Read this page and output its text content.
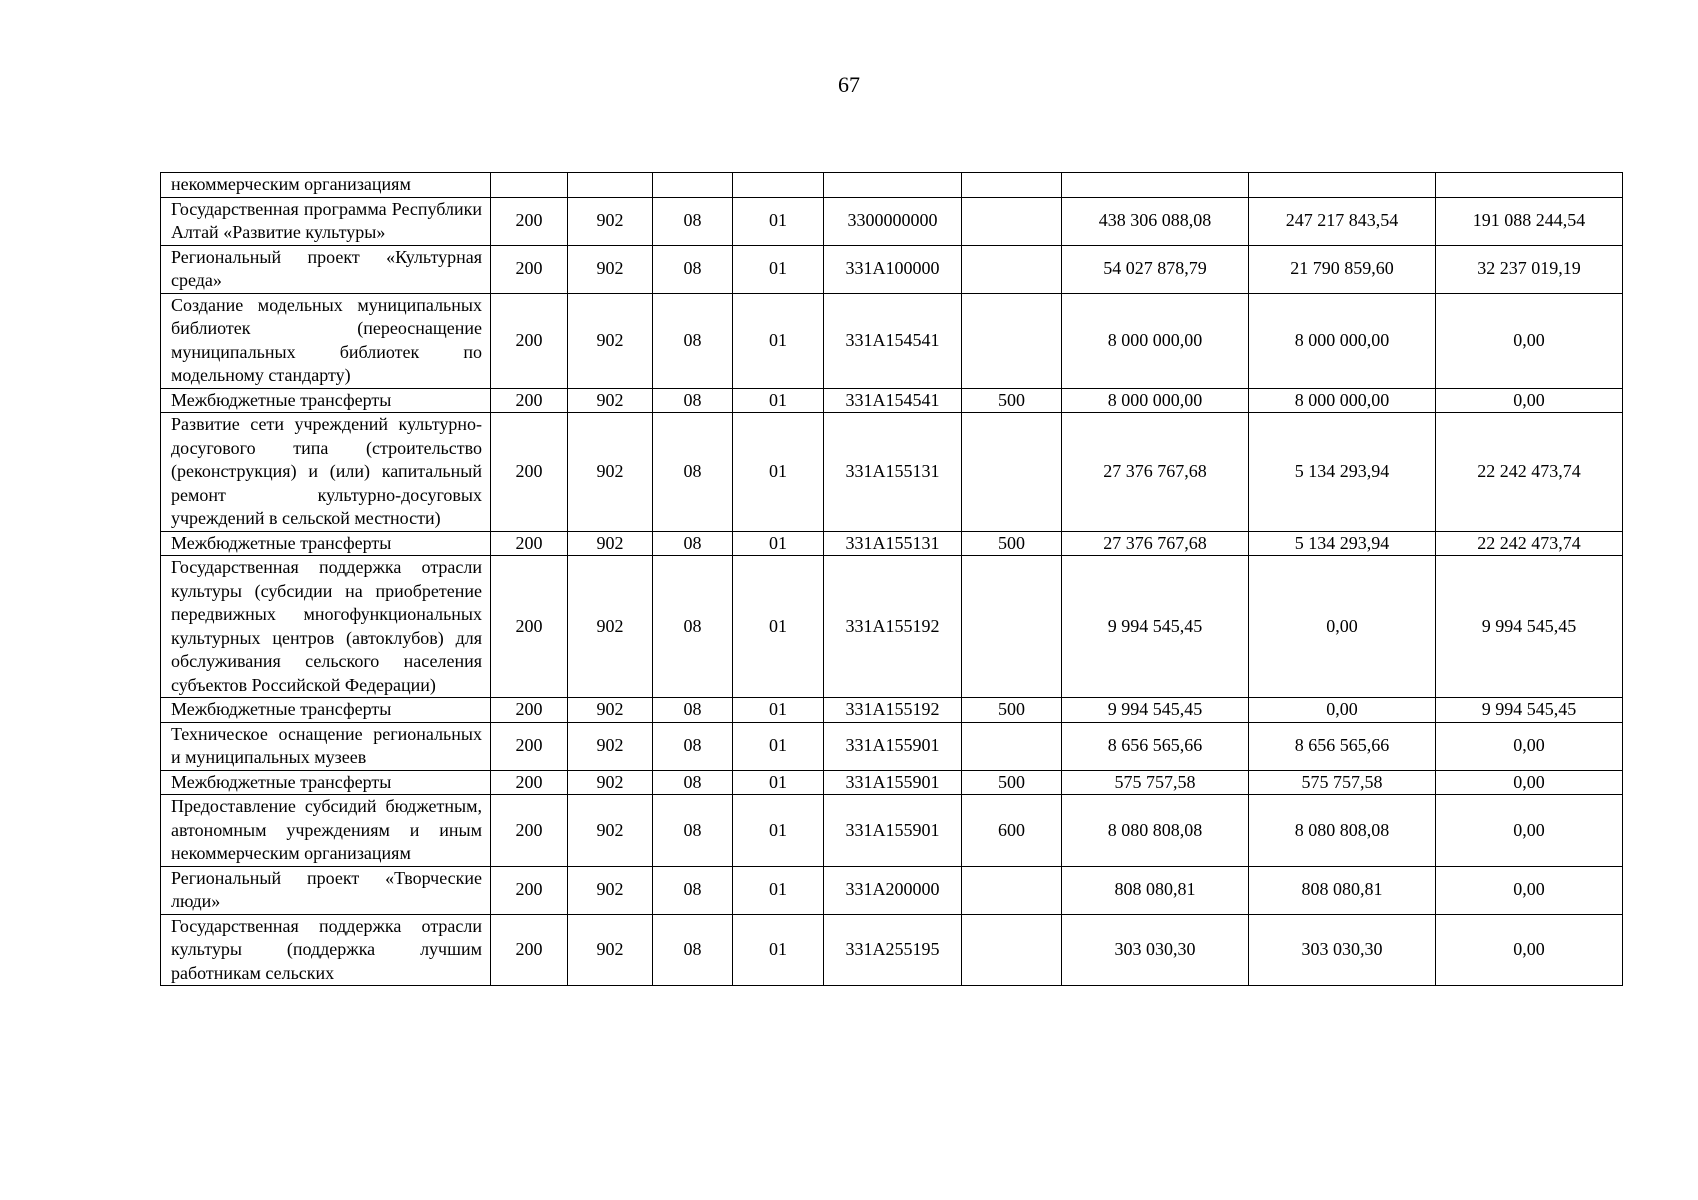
67
некоммерческим организациям									
Государственная программа Республики Алтай «Развитие культуры»	200	902	08	01	3300000000		438 306 088,08	247 217 843,54	191 088 244,54
Региональный проект «Культурная среда»	200	902	08	01	331A100000		54 027 878,79	21 790 859,60	32 237 019,19
Создание модельных муниципальных библиотек (переоснащение муниципальных библиотек по модельному стандарту)	200	902	08	01	331A154541		8 000 000,00	8 000 000,00	0,00
Межбюджетные трансферты	200	902	08	01	331A154541	500	8 000 000,00	8 000 000,00	0,00
Развитие сети учреждений культурно-досугового типа (строительство (реконструкция) и (или) капитальный ремонт культурно-досуговых учреждений в сельской местности)	200	902	08	01	331A155131		27 376 767,68	5 134 293,94	22 242 473,74
Межбюджетные трансферты	200	902	08	01	331A155131	500	27 376 767,68	5 134 293,94	22 242 473,74
Государственная поддержка отрасли культуры (субсидии на приобретение передвижных многофункциональных культурных центров (автоклубов) для обслуживания сельского населения субъектов Российской Федерации)	200	902	08	01	331A155192		9 994 545,45	0,00	9 994 545,45
Межбюджетные трансферты	200	902	08	01	331A155192	500	9 994 545,45	0,00	9 994 545,45
Техническое оснащение региональных и муниципальных музеев	200	902	08	01	331A155901		8 656 565,66	8 656 565,66	0,00
Межбюджетные трансферты	200	902	08	01	331A155901	500	575 757,58	575 757,58	0,00
Предоставление субсидий бюджетным, автономным учреждениям и иным некоммерческим организациям	200	902	08	01	331A155901	600	8 080 808,08	8 080 808,08	0,00
Региональный проект «Творческие люди»	200	902	08	01	331A200000		808 080,81	808 080,81	0,00
Государственная поддержка отрасли культуры (поддержка лучшим работникам сельских	200	902	08	01	331A255195		303 030,30	303 030,30	0,00
